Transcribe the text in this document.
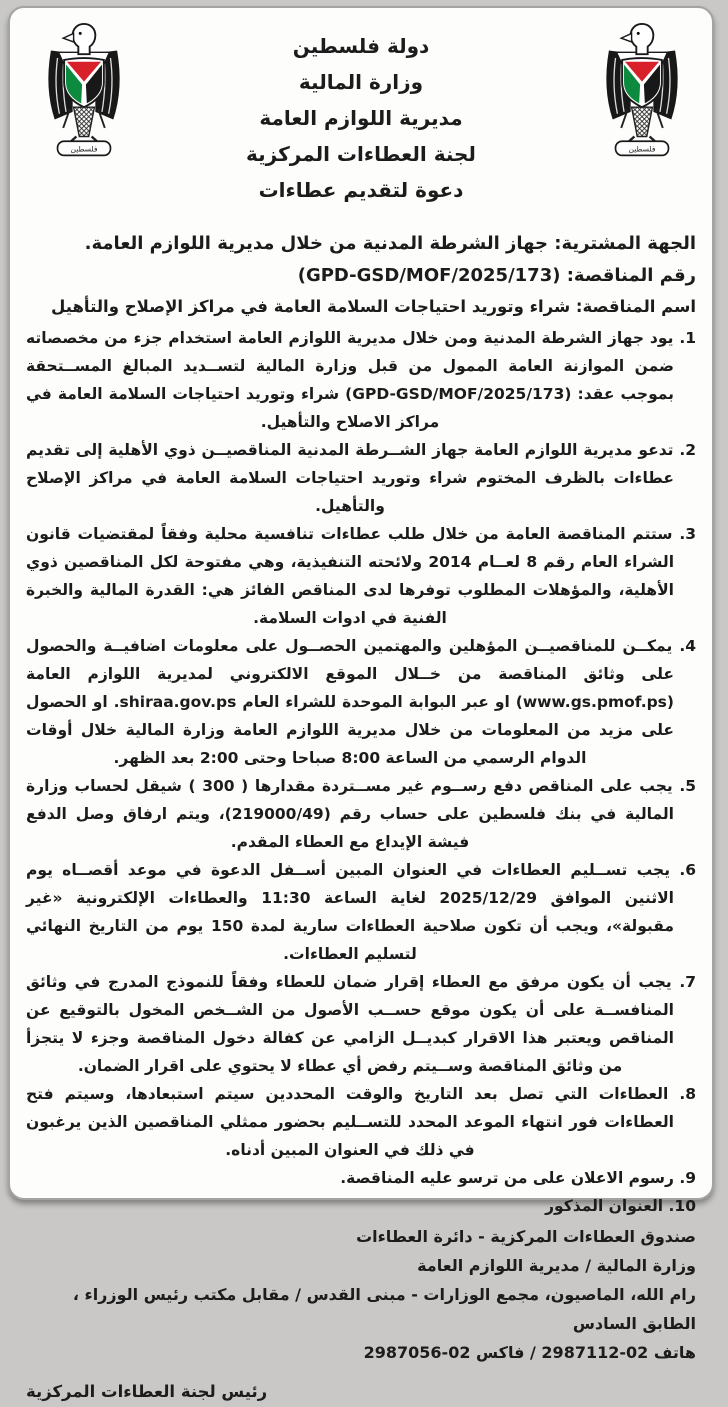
فلسطين
فلسطين
دولة فلسطين
وزارة المالية
مديرية اللوازم العامة
لجنة العطاءات المركزية
دعوة لتقديم عطاءات
الجهة المشترية: جهاز الشرطة المدنية من خلال مديرية اللوازم العامة.
رقم المناقصة: (GPD-GSD/MOF/2025/173)
اسم المناقصة: شراء وتوريد احتياجات السلامة العامة في مراكز الإصلاح والتأهيل
1. يود جهاز الشرطة المدنية ومن خلال مديرية اللوازم العامة استخدام جزء من مخصصاته ضمن الموازنة العامة الممول من قبل وزارة المالية لتســديد المبالغ المســتحقة بموجب عقد: (GPD-GSD/MOF/2025/173) شراء وتوريد احتياجات السلامة العامة في مراكز الاصلاح والتأهيل.
2. تدعو مديرية اللوازم العامة جهاز الشــرطة المدنية المناقصيــن ذوي الأهلية إلى تقديم عطاءات بالظرف المختوم شراء وتوريد احتياجات السلامة العامة في مراكز الإصلاح والتأهيل.
3. ستتم المناقصة العامة من خلال طلب عطاءات تنافسية محلية وفقاً لمقتضيات قانون الشراء العام رقم 8 لعــام 2014 ولائحته التنفيذية، وهي مفتوحة لكل المناقصين ذوي الأهلية، والمؤهلات المطلوب توفرها لدى المناقص الفائز هي: القدرة المالية والخبرة الفنية في ادوات السلامة.
4. يمكــن للمناقصيــن المؤهلين والمهتمين الحصــول على معلومات اضافيــة والحصول على وثائق المناقصة من خــلال الموقع الالكتروني لمديرية اللوازم العامة (www.gs.pmof.ps) او عبر البوابة الموحدة للشراء العام shiraa.gov.ps. او الحصول على مزيد من المعلومات من خلال مديرية اللوازم العامة وزارة المالية خلال أوقات الدوام الرسمي من الساعة 8:00 صباحا وحتى 2:00 بعد الظهر.
5. يجب على المناقص دفع رســوم غير مســتردة مقدارها ( 300 ) شيقل لحساب وزارة المالية في بنك فلسطين على حساب رقم (219000/49)، ويتم ارفاق وصل الدفع فيشة الإيداع مع العطاء المقدم.
6. يجب تســليم العطاءات في العنوان المبين أســفل الدعوة في موعد أقصــاه يوم الاثنين الموافق 2025/12/29 لغاية الساعة 11:30 والعطاءات الإلكترونية «غير مقبولة»، ويجب أن تكون صلاحية العطاءات سارية لمدة 150 يوم من التاريخ النهائي لتسليم العطاءات.
7. يجب أن يكون مرفق مع العطاء إقرار ضمان للعطاء وفقاً للنموذج المدرج في وثائق المنافســة على أن يكون موقع حســب الأصول من الشــخص المخول بالتوقيع عن المناقص ويعتبر هذا الاقرار كبديــل الزامي عن كفالة دخول المناقصة وجزء لا يتجزأ من وثائق المناقصة وســيتم رفض أي عطاء لا يحتوي على اقرار الضمان.
8. العطاءات التي تصل بعد التاريخ والوقت المحددين سيتم استبعادها، وسيتم فتح العطاءات فور انتهاء الموعد المحدد للتســليم بحضور ممثلي المناقصين الذين يرغبون في ذلك في العنوان المبين أدناه.
9. رسوم الاعلان على من ترسو عليه المناقصة.
10. العنوان المذكور
صندوق العطاءات المركزية - دائرة العطاءات
وزارة المالية / مديرية اللوازم العامة
رام الله، الماصيون، مجمع الوزارات - مبنى القدس / مقابل مكتب رئيس الوزراء ، الطابق السادس
هاتف 02-2987112 / فاكس 02-2987056
رئيس لجنة العطاءات المركزية
